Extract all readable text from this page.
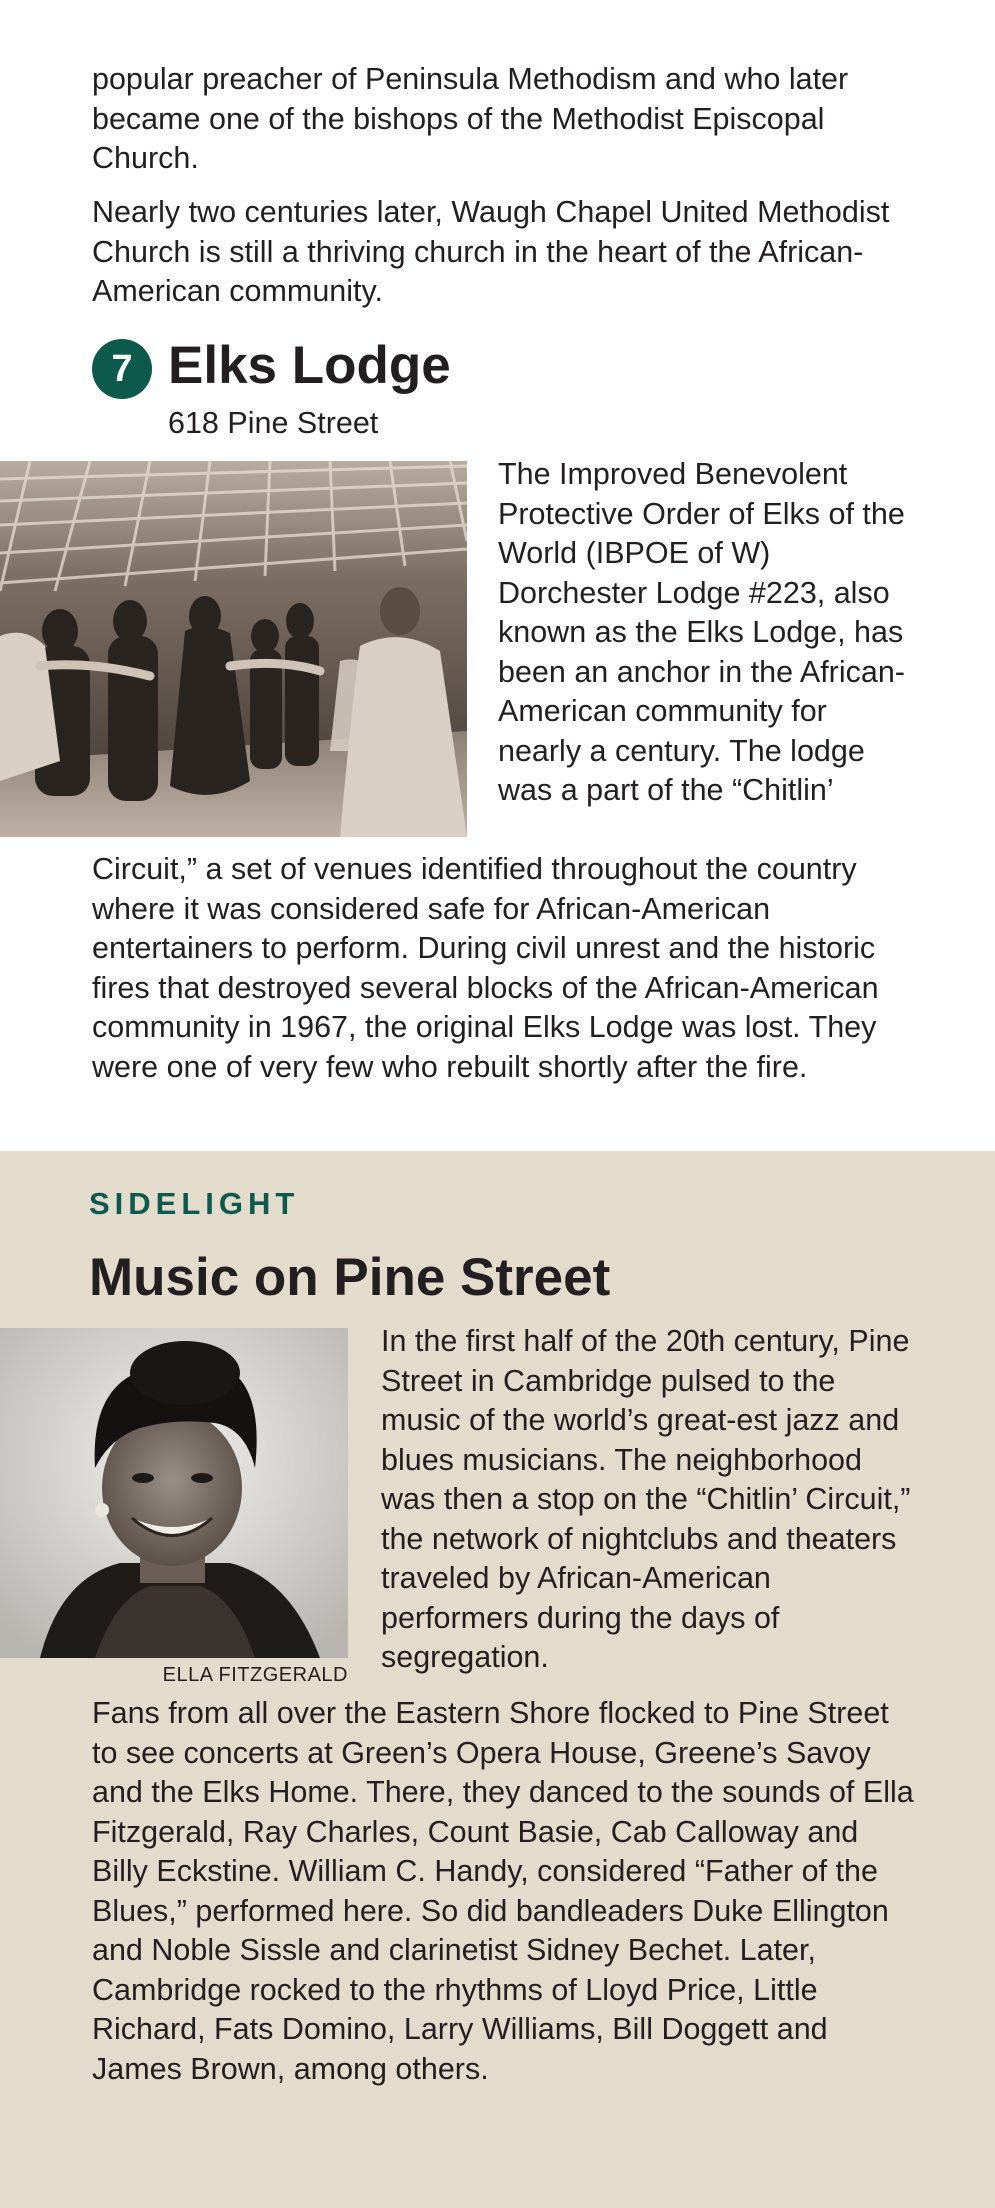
popular preacher of Peninsula Methodism and who later became one of the bishops of the Methodist Episcopal Church.

Nearly two centuries later, Waugh Chapel United Methodist Church is still a thriving church in the heart of the African-American community.

7 Elks Lodge
618 Pine Street

The Improved Benevolent Protective Order of Elks of the World (IBPOE of W) Dorchester Lodge #223, also known as the Elks Lodge, has been an anchor in the African-American community for nearly a century. The lodge was a part of the “Chitlin’

Circuit,” a set of venues identified throughout the country where it was considered safe for African-American entertainers to perform. During civil unrest and the historic fires that destroyed several blocks of the African-American community in 1967, the original Elks Lodge was lost. They were one of very few who rebuilt shortly after the fire.

SIDELIGHT
Music on Pine Street
ELLA FITZGERALD

In the first half of the 20th century, Pine Street in Cambridge pulsed to the music of the world’s great-est jazz and blues musicians. The neighborhood was then a stop on the “Chitlin’ Circuit,” the network of nightclubs and theaters traveled by African-American performers during the days of segregation.

Fans from all over the Eastern Shore flocked to Pine Street to see concerts at Green’s Opera House, Greene’s Savoy and the Elks Home. There, they danced to the sounds of Ella Fitzgerald, Ray Charles, Count Basie, Cab Calloway and Billy Eckstine. William C. Handy, considered “Father of the Blues,” performed here. So did bandleaders Duke Ellington and Noble Sissle and clarinetist Sidney Bechet. Later, Cambridge rocked to the rhythms of Lloyd Price, Little Richard, Fats Domino, Larry Williams, Bill Doggett and James Brown, among others.
